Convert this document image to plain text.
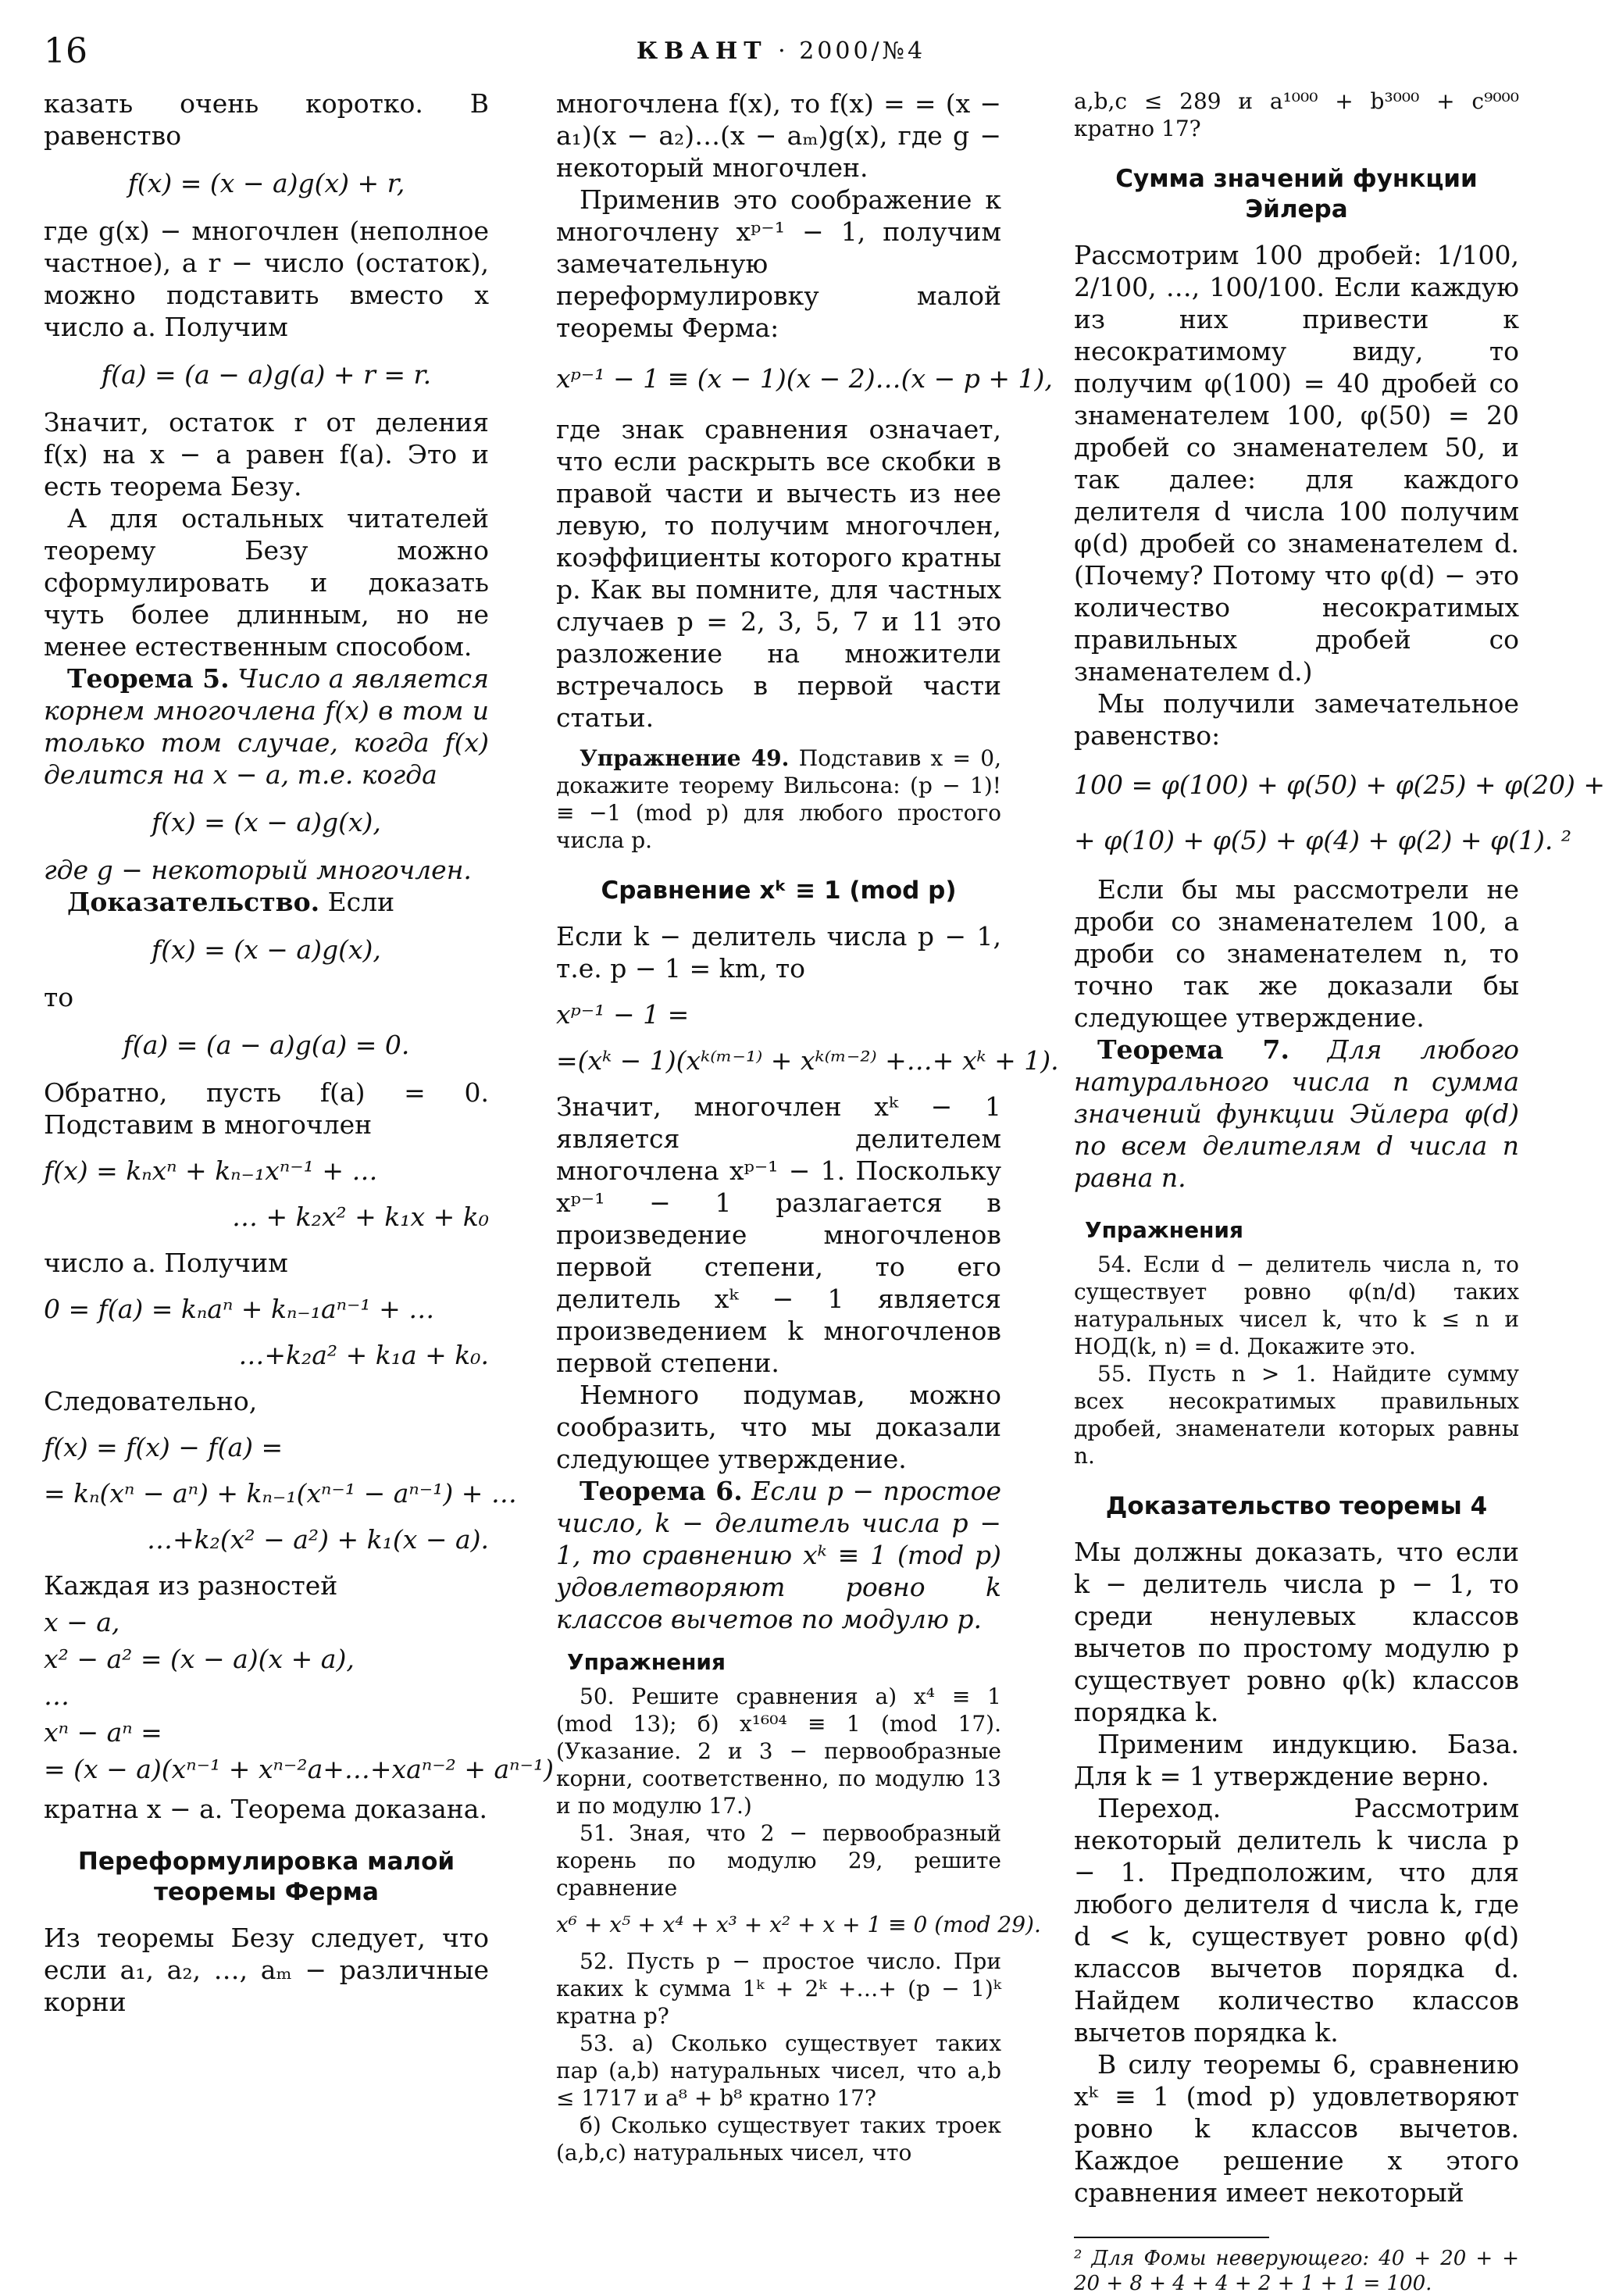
16	КВАНТ · 2000/№4

казать очень коротко. В равенство

f(x) = (x − a)g(x) + r,

где g(x) − многочлен (неполное частное), а r − число (остаток), можно подставить вместо x число a. Получим

f(a) = (a − a)g(a) + r = r.

Значит, остаток r от деления f(x) на x − a равен f(a). Это и есть теорема Безу.

А для остальных читателей теорему Безу можно сформулировать и доказать чуть более длинным, но не менее естественным способом.

Теорема 5. Число a является корнем многочлена f(x) в том и только том случае, когда f(x) делится на x − a, т.е. когда

f(x) = (x − a)g(x),

где g − некоторый многочлен.

Доказательство. Если

f(x) = (x − a)g(x),

то

f(a) = (a − a)g(a) = 0.

Обратно, пусть f(a) = 0. Подставим в многочлен

f(x) = kₙxⁿ + kₙ₋₁xⁿ⁻¹ + …
… + k₂x² + k₁x + k₀

число a. Получим

0 = f(a) = kₙaⁿ + kₙ₋₁aⁿ⁻¹ + …
…+k₂a² + k₁a + k₀.

Следовательно,

f(x) = f(x) − f(a) =
= kₙ(xⁿ − aⁿ) + kₙ₋₁(xⁿ⁻¹ − aⁿ⁻¹) + …
…+k₂(x² − a²) + k₁(x − a).

Каждая из разностей

x − a,
x² − a² = (x − a)(x + a),
…
xⁿ − aⁿ =
= (x − a)(xⁿ⁻¹ + xⁿ⁻²a+…+xaⁿ⁻² + aⁿ⁻¹)

кратна x − a. Теорема доказана.

Переформулировка малой теоремы Ферма

Из теоремы Безу следует, что если a₁, a₂, …, aₘ − различные корни

многочлена f(x), то f(x) = = (x − a₁)(x − a₂)…(x − aₘ)g(x), где g − некоторый многочлен.

Применив это соображение к многочлену xᵖ⁻¹ − 1, получим замечательную переформулировку малой теоремы Ферма:

xᵖ⁻¹ − 1 ≡ (x − 1)(x − 2)…(x − p + 1),

где знак сравнения означает, что если раскрыть все скобки в правой части и вычесть из нее левую, то получим многочлен, коэффициенты которого кратны p. Как вы помните, для частных случаев p = 2, 3, 5, 7 и 11 это разложение на множители встречалось в первой части статьи.

Упражнение 49. Подставив x = 0, докажите теорему Вильсона: (p − 1)! ≡ −1 (mod p) для любого простого числа p.

Сравнение xᵏ ≡ 1 (mod p)

Если k − делитель числа p − 1, т.е. p − 1 = km, то

xᵖ⁻¹ − 1 =
=(xᵏ − 1)(xᵏ⁽ᵐ⁻¹⁾ + xᵏ⁽ᵐ⁻²⁾ +…+ xᵏ + 1).

Значит, многочлен xᵏ − 1 является делителем многочлена xᵖ⁻¹ − 1. Поскольку xᵖ⁻¹ − 1 разлагается в произведение многочленов первой степени, то его делитель xᵏ − 1 является произведением k многочленов первой степени.

Немного подумав, можно сообразить, что мы доказали следующее утверждение.

Теорема 6. Если p − простое число, k − делитель числа p − 1, то сравнению xᵏ ≡ 1 (mod p) удовлетворяют ровно k классов вычетов по модулю p.

Упражнения

50. Решите сравнения а) x⁴ ≡ 1 (mod 13); б) x¹⁶⁰⁴ ≡ 1 (mod 17). (Указание. 2 и 3 − первообразные корни, соответственно, по модулю 13 и по модулю 17.)

51. Зная, что 2 − первообразный корень по модулю 29, решите сравнение

x⁶ + x⁵ + x⁴ + x³ + x² + x + 1 ≡ 0 (mod 29).

52. Пусть p − простое число. При каких k сумма 1ᵏ + 2ᵏ +…+ (p − 1)ᵏ кратна p?

53. а) Сколько существует таких пар (a,b) натуральных чисел, что a,b ≤ 1717 и a⁸ + b⁸ кратно 17?

б) Сколько существует таких троек (a,b,c) натуральных чисел, что

a,b,c ≤ 289 и a¹⁰⁰⁰ + b³⁰⁰⁰ + c⁹⁰⁰⁰ кратно 17?

Сумма значений функции Эйлера

Рассмотрим 100 дробей: 1/100, 2/100, …, 100/100. Если каждую из них привести к несократимому виду, то получим φ(100) = 40 дробей со знаменателем 100, φ(50) = 20 дробей со знаменателем 50, и так далее: для каждого делителя d числа 100 получим φ(d) дробей со знаменателем d. (Почему? Потому что φ(d) − это количество несократимых правильных дробей со знаменателем d.)

Мы получили замечательное равенство:

100 = φ(100) + φ(50) + φ(25) + φ(20) +
+ φ(10) + φ(5) + φ(4) + φ(2) + φ(1). ²

Если бы мы рассмотрели не дроби со знаменателем 100, а дроби со знаменателем n, то точно так же доказали бы следующее утверждение.

Теорема 7. Для любого натурального числа n сумма значений функции Эйлера φ(d) по всем делителям d числа n равна n.

Упражнения

54. Если d − делитель числа n, то существует ровно φ(n/d) таких натуральных чисел k, что k ≤ n и НОД(k, n) = d. Докажите это.

55. Пусть n > 1. Найдите сумму всех несократимых правильных дробей, знаменатели которых равны n.

Доказательство теоремы 4

Мы должны доказать, что если k − делитель числа p − 1, то среди ненулевых классов вычетов по простому модулю p существует ровно φ(k) классов порядка k.

Применим индукцию. База. Для k = 1 утверждение верно.

Переход. Рассмотрим некоторый делитель k числа p − 1. Предположим, что для любого делителя d числа k, где d < k, существует ровно φ(d) классов вычетов порядка d. Найдем количество классов вычетов порядка k.

В силу теоремы 6, сравнению xᵏ ≡ 1 (mod p) удовлетворяют ровно k классов вычетов. Каждое решение x этого сравнения имеет некоторый

² Для Фомы неверующего: 40 + 20 + + 20 + 8 + 4 + 4 + 2 + 1 + 1 = 100.
